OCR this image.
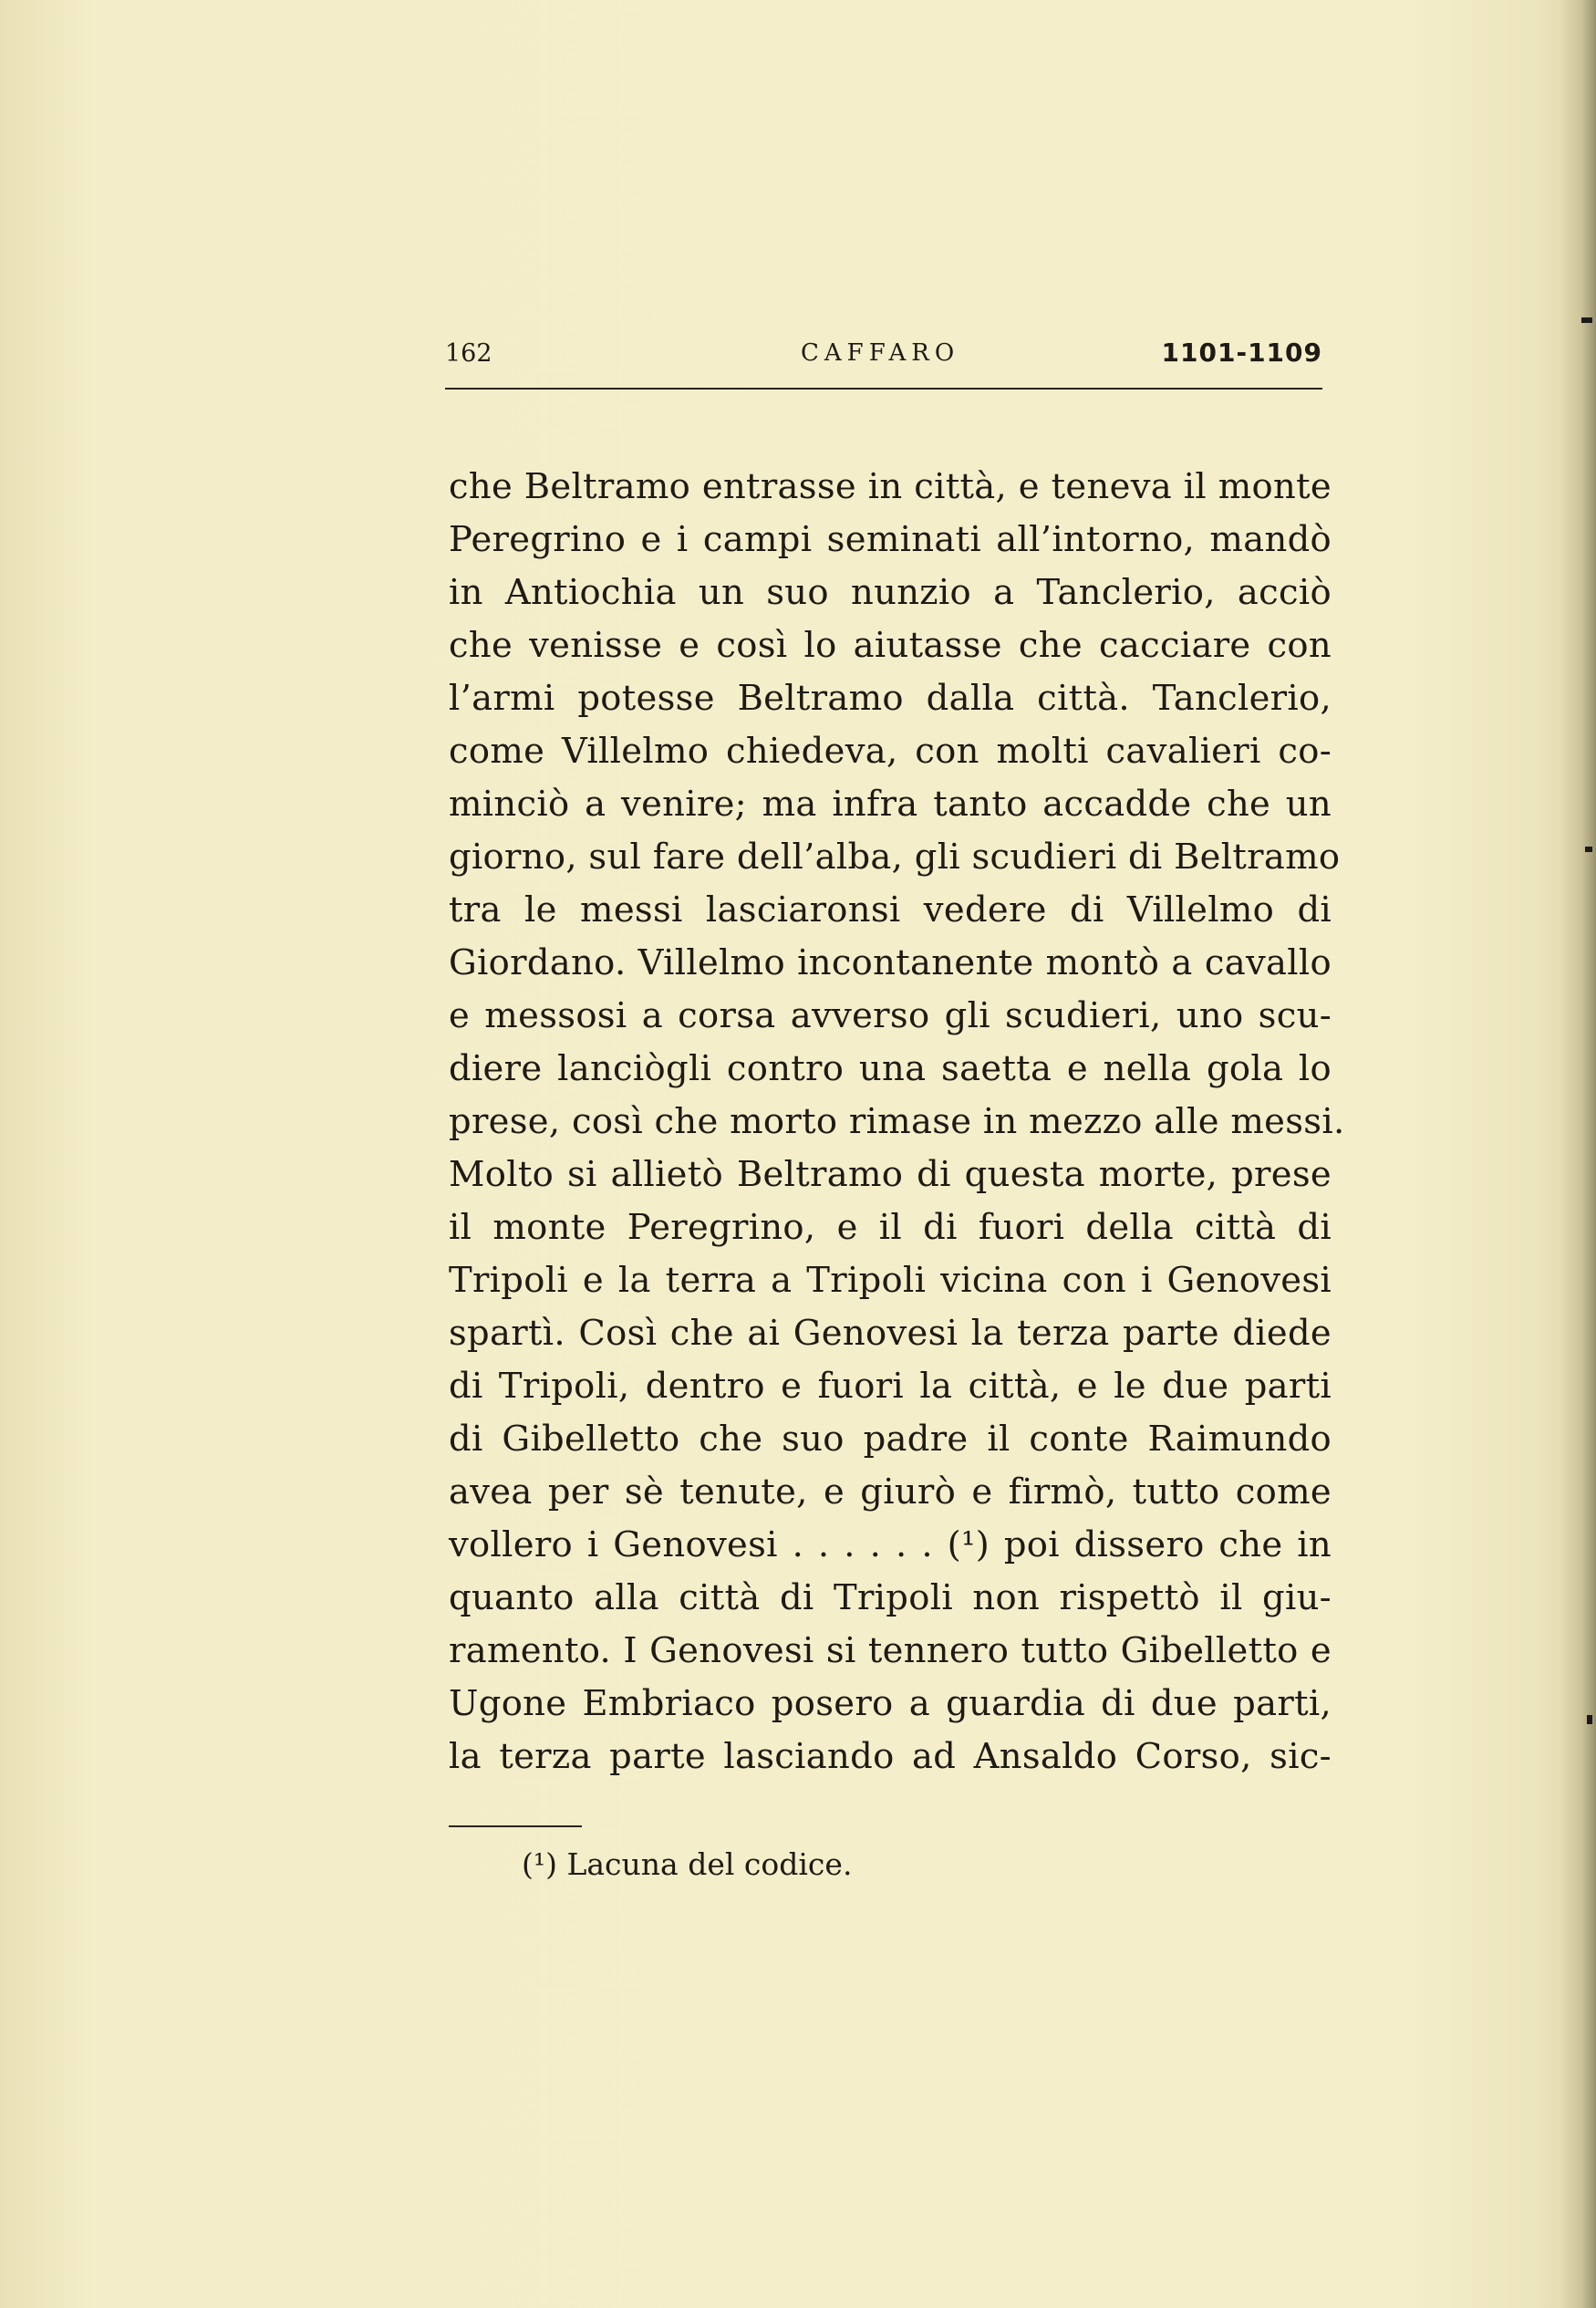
162	CAFFARO	1101-1109
che Beltramo entrasse in città, e teneva il monte
Peregrino e i campi seminati all’intorno, mandò
in Antiochia un suo nunzio a Tanclerio, acciò
che venisse e così lo aiutasse che cacciare con
l’armi potesse Beltramo dalla città. Tanclerio,
come Villelmo chiedeva, con molti cavalieri co-
minciò a venire; ma infra tanto accadde che un
giorno, sul fare dell’alba, gli scudieri di Beltramo
tra le messi lasciaronsi vedere di Villelmo di
Giordano. Villelmo incontanente montò a cavallo
e messosi a corsa avverso gli scudieri, uno scu-
diere lanciògli contro una saetta e nella gola lo
prese, così che morto rimase in mezzo alle messi.
Molto si allietò Beltramo di questa morte, prese
il monte Peregrino, e il di fuori della città di
Tripoli e la terra a Tripoli vicina con i Genovesi
spartì. Così che ai Genovesi la terza parte diede
di Tripoli, dentro e fuori la città, e le due parti
di Gibelletto che suo padre il conte Raimundo
avea per sè tenute, e giurò e firmò, tutto come
vollero i Genovesi . . . . . . (¹) poi dissero che in
quanto alla città di Tripoli non rispettò il giu-
ramento. I Genovesi si tennero tutto Gibelletto e
Ugone Embriaco posero a guardia di due parti,
la terza parte lasciando ad Ansaldo Corso, sic-
(¹) Lacuna del codice.
